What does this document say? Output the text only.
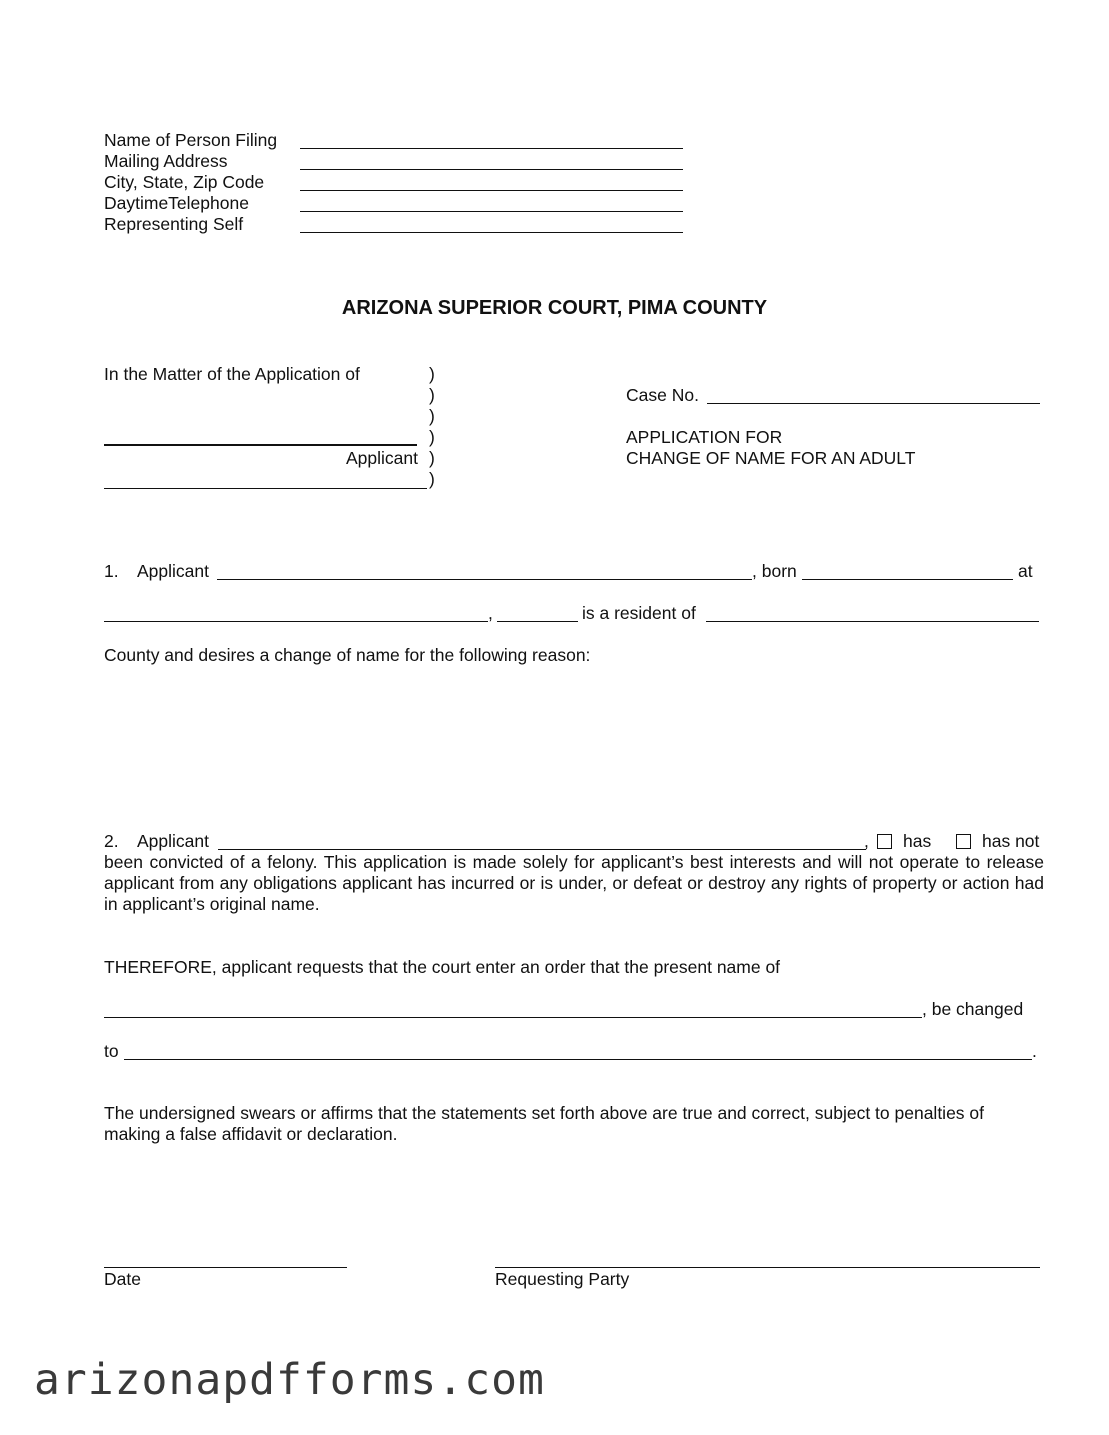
Name of Person Filing
Mailing Address
City, State, Zip Code
DaytimeTelephone
Representing Self
ARIZONA SUPERIOR COURT, PIMA COUNTY
In the Matter of the Application of	)
)
)
)
)
)
Applicant
Case No.
APPLICATION FOR
CHANGE OF NAME FOR AN ADULT
1. Applicant	, born	at
,	is a resident of
County and desires a change of name for the following reason:
2. Applicant	, has	has not
been convicted of a felony. This application is made solely for applicant’s best interests and will not operate to release applicant from any obligations applicant has incurred or is under, or defeat or destroy any rights of property or action had in applicant’s original name.
THEREFORE, applicant requests that the court enter an order that the present name of
, be changed
to	.
The undersigned swears or affirms that the statements set forth above are true and correct, subject to penalties of making a false affidavit or declaration.
Date	Requesting Party
arizonapdfforms.com
